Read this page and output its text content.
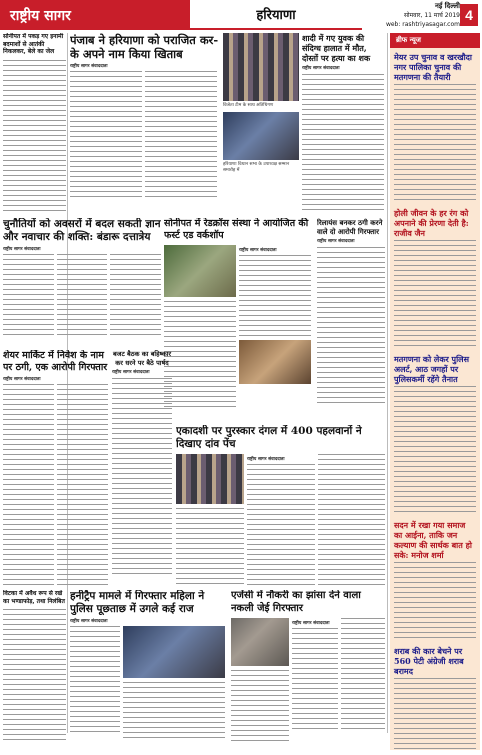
राष्ट्रीय सागर	हरियाणा
नई दिल्ली
सोमवार, 11 मार्च 2019
web: rashtriyasagar.com
4
सोनीपत में पकड़ गए इनामी बदमाशों से आतंकी निकलकर, बेले का जेल
पंजाब ने हरियाणा को पराजित कर- के अपने नाम किया खिताब
राष्ट्रीय सागर संवाददाता
विजेता टीम के साथ अतिथिगण
हरियाणा विधान सभा के उपाध्यक्ष सम्मान समारोह में
शादी में गए युवक की संदिग्ध हालात में मौत, दोस्तों पर हत्या का शक
राष्ट्रीय सागर संवाददाता
चुनौतियों को अवसरों में बदल सकती ज्ञान और नवाचार की शक्ति: बंडारू दत्तात्रेय
राष्ट्रीय सागर संवाददाता
सोनीपत में रेडक्रॉस संस्था ने आयोजित की फर्स्ट एड वर्कशॉप
राष्ट्रीय सागर संवाददाता
रिलायंस बनकर ठगी करने वाले दो आरोपी गिरफ्तार
राष्ट्रीय सागर संवाददाता
शेयर मार्किट में निवेश के नाम पर ठगी, एक आरोपी गिरफ्तार
राष्ट्रीय सागर संवाददाता
बजट बैठक का बहिष्कार कर धरने पर बैठे पार्षद
राष्ट्रीय सागर संवाददाता
एकादशी पर पुरस्कार दंगल में 400 पहलवानों ने दिखाए दांव पेंच
राष्ट्रीय सागर संवाददाता
विटका में अवैध रूप से रखे का भण्डाफोड़, तथा निलंबित हनीट्रैप मामले में गिरफ्तार महिला ने पुलिस पूछताछ में उगले कई राज
राष्ट्रीय सागर संवाददाता
एजेंसी में नौकरी का झांसा देने वाला नकली जेई गिरफ्तार
राष्ट्रीय सागर संवाददाता
ब्रीफ न्यूज
मेयर उप चुनाव व खरखौदा नगर पालिका चुनाव की मतगणना की तैयारी
होली जीवन के हर रंग को अपनाने की प्रेरणा देती है: राजीव जैन
मतगणना को लेकर पुलिस अलर्ट, आठ जगहों पर पुलिसकर्मी रहेंगे तैनात
सदन में रखा गया समाज का आईना, ताकि जन कल्याण की सार्थक बात हो सके: मनोज शर्मा
शराब की कार बेचने पर 560 पेटी अंग्रेजी शराब बरामद
